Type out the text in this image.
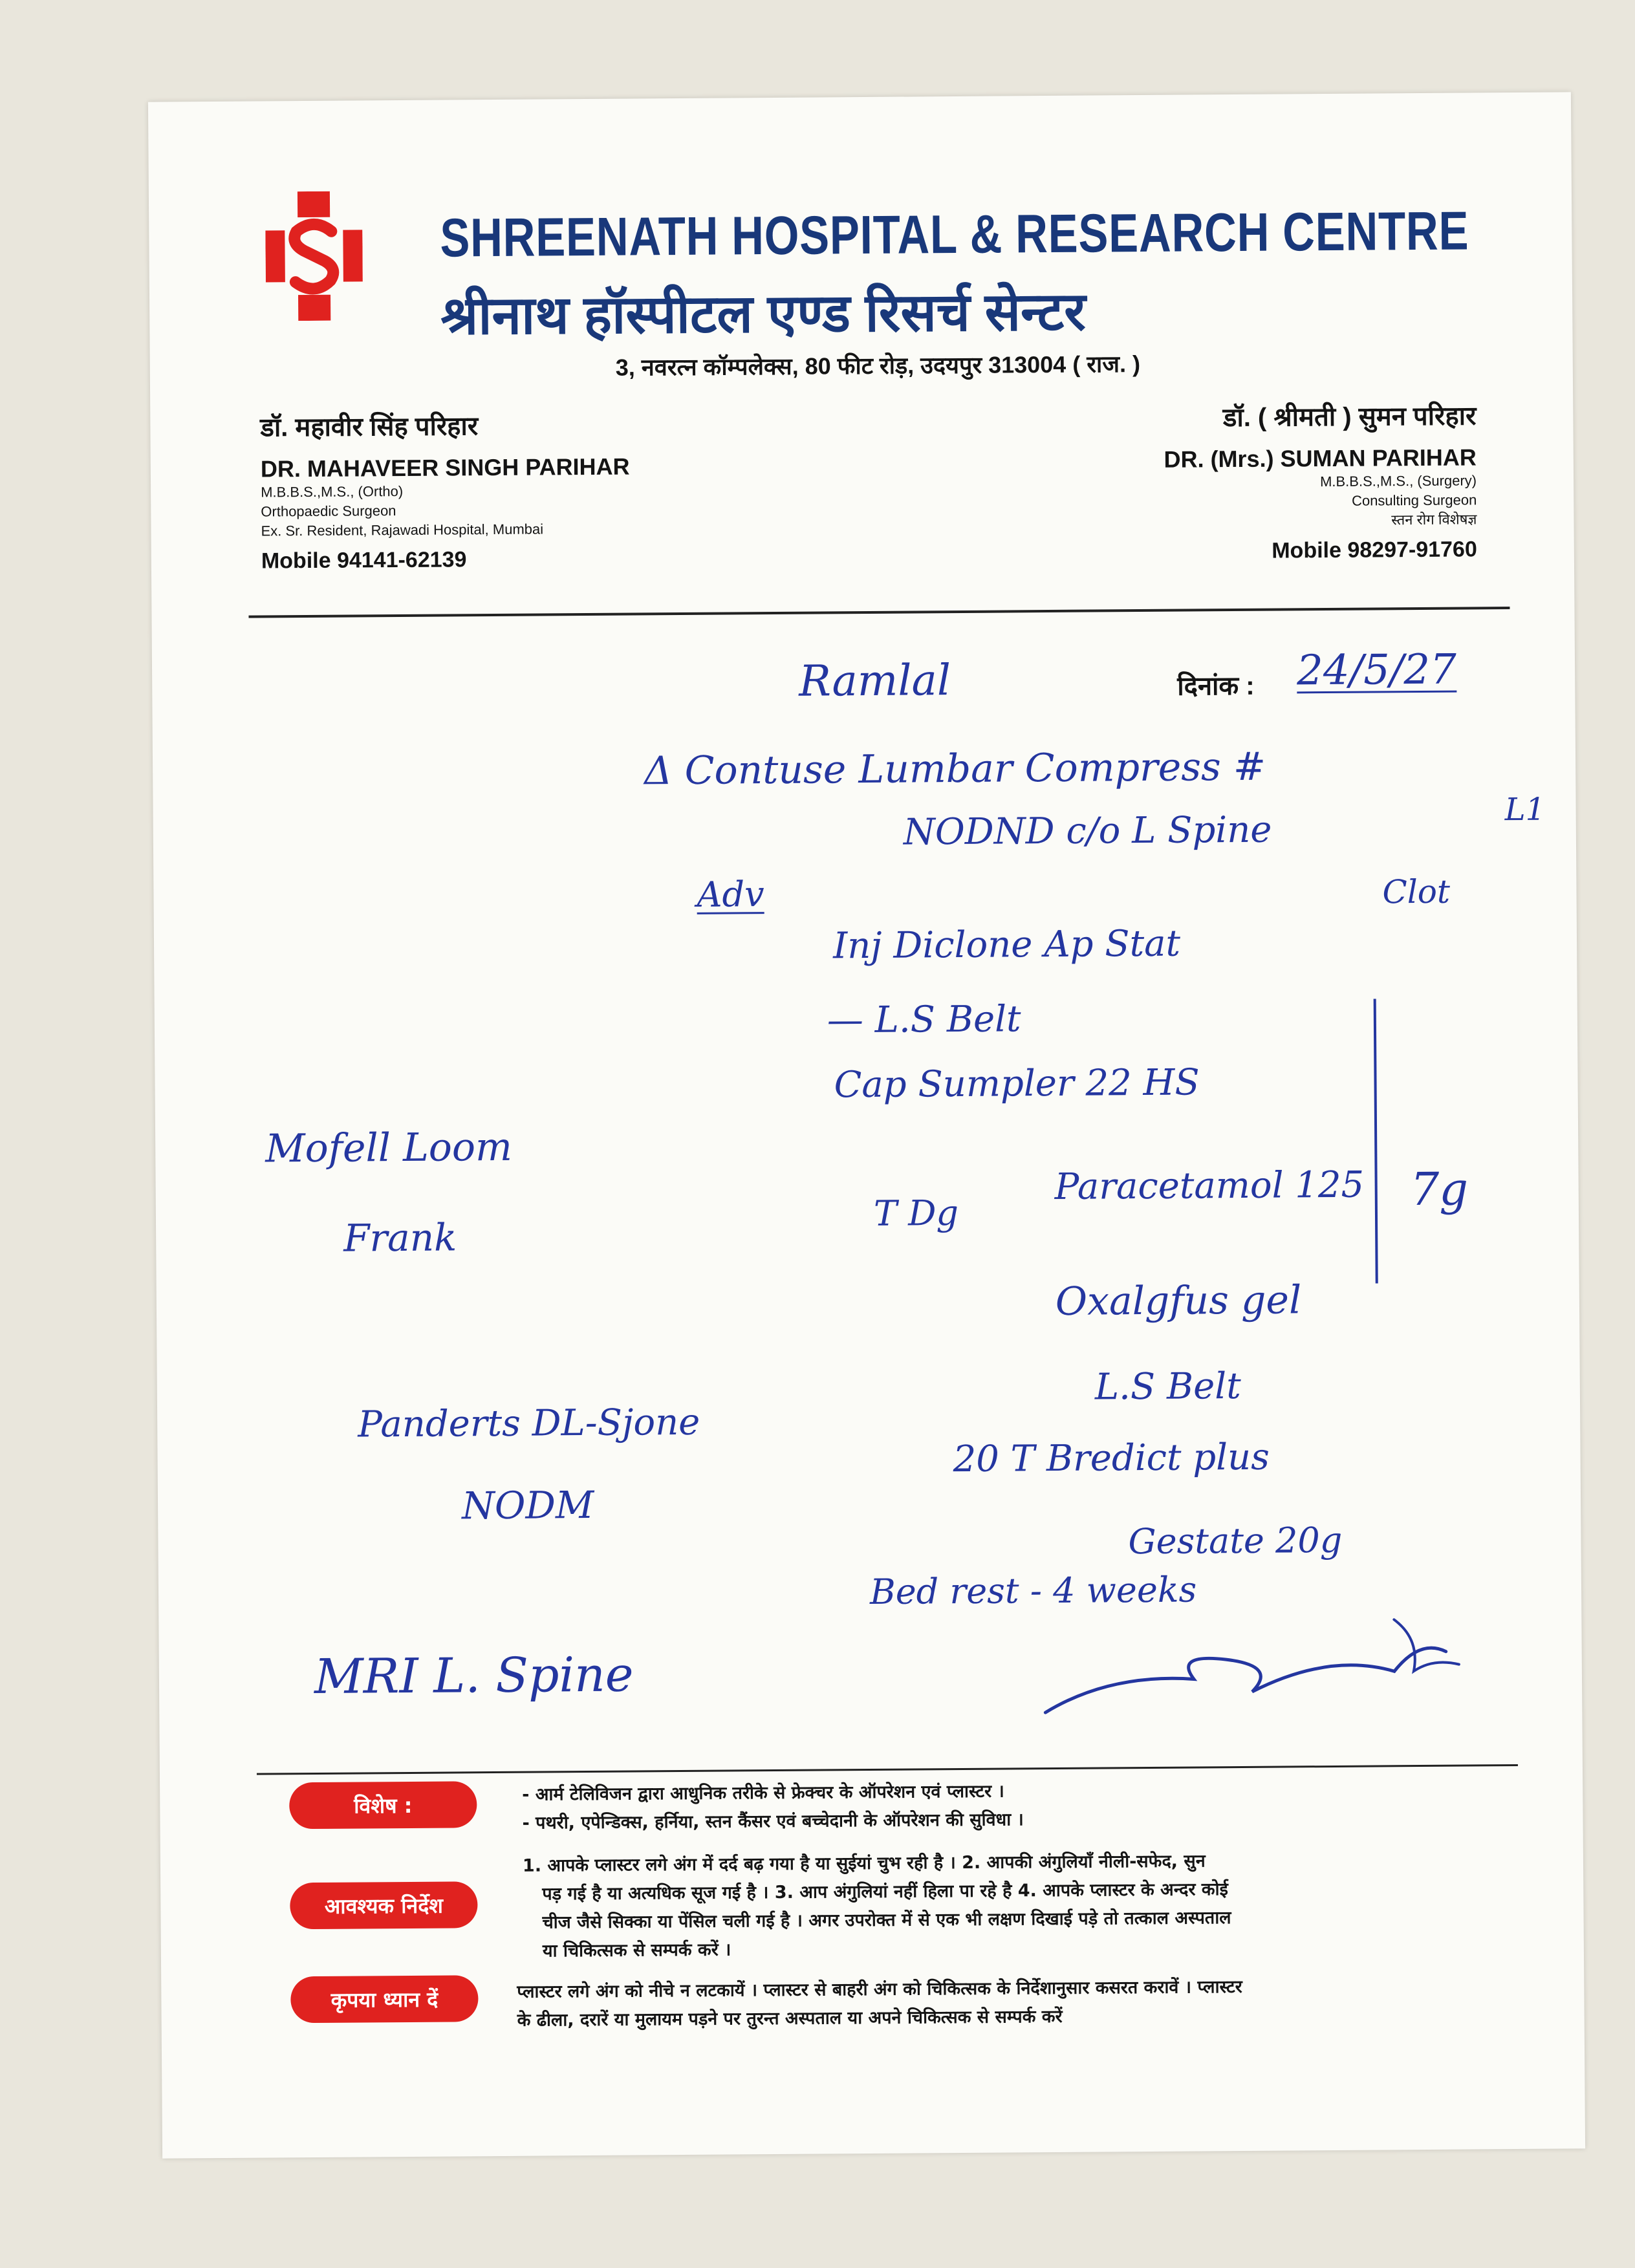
SHREENATH HOSPITAL & RESEARCH CENTRE
श्रीनाथ हॉस्पीटल एण्ड रिसर्च सेन्टर
3, नवरत्न कॉम्पलेक्स, 80 फीट रोड़, उदयपुर 313004 ( राज. )
डॉ. महावीर सिंह परिहार
DR. MAHAVEER SINGH PARIHAR
M.B.B.S.,M.S., (Ortho)
Orthopaedic Surgeon
Ex. Sr. Resident, Rajawadi Hospital, Mumbai
Mobile 94141-62139
डॉ. ( श्रीमती ) सुमन परिहार
DR. (Mrs.) SUMAN PARIHAR
M.B.B.S.,M.S., (Surgery)
Consulting Surgeon
स्तन रोग विशेषज्ञ
Mobile 98297-91760
दिनांक : 24/5/27
Ramlal
Δ Contuse Lumbar Compress #
L1
NODND c/o L Spine
Adv	Clot
Inj Diclone Ap Stat
— L.S Belt
Cap Sumpler 22 HS
Mofell Loom
Frank
Paracetamol 125 7g
T Dg
Oxalgfus gel
L.S Belt
20 T Bredict plus
Panderts DL-Sjone
NODM
Bed rest - 4 weeks
Gestate 20g
MRI L. Spine
विशेष :	- आर्म टेलिविजन द्वारा आधुनिक तरीके से फ्रेक्चर के ऑपरेशन एवं प्लास्टर ।
- पथरी, एपेन्डिक्स, हर्निया, स्तन कैंसर एवं बच्चेदानी के ऑपरेशन की सुविधा ।
आवश्यक निर्देश
1. आपके प्लास्टर लगे अंग में दर्द बढ़ गया है या सुईयां चुभ रही है । 2. आपकी अंगुलियाँ नीली-सफेद, सुन
पड़ गई है या अत्यधिक सूज गई है । 3. आप अंगुलियां नहीं हिला पा रहे है 4. आपके प्लास्टर के अन्दर कोई
चीज जैसे सिक्का या पेंसिल चली गई है । अगर उपरोक्त में से एक भी लक्षण दिखाई पड़े तो तत्काल अस्पताल
या चिकित्सक से सम्पर्क करें ।
कृपया ध्यान दें	प्लास्टर लगे अंग को नीचे न लटकायें । प्लास्टर से बाहरी अंग को चिकित्सक के निर्देशानुसार कसरत करावें । प्लास्टर
के ढीला, दरारें या मुलायम पड़ने पर तुरन्त अस्पताल या अपने चिकित्सक से सम्पर्क करें
